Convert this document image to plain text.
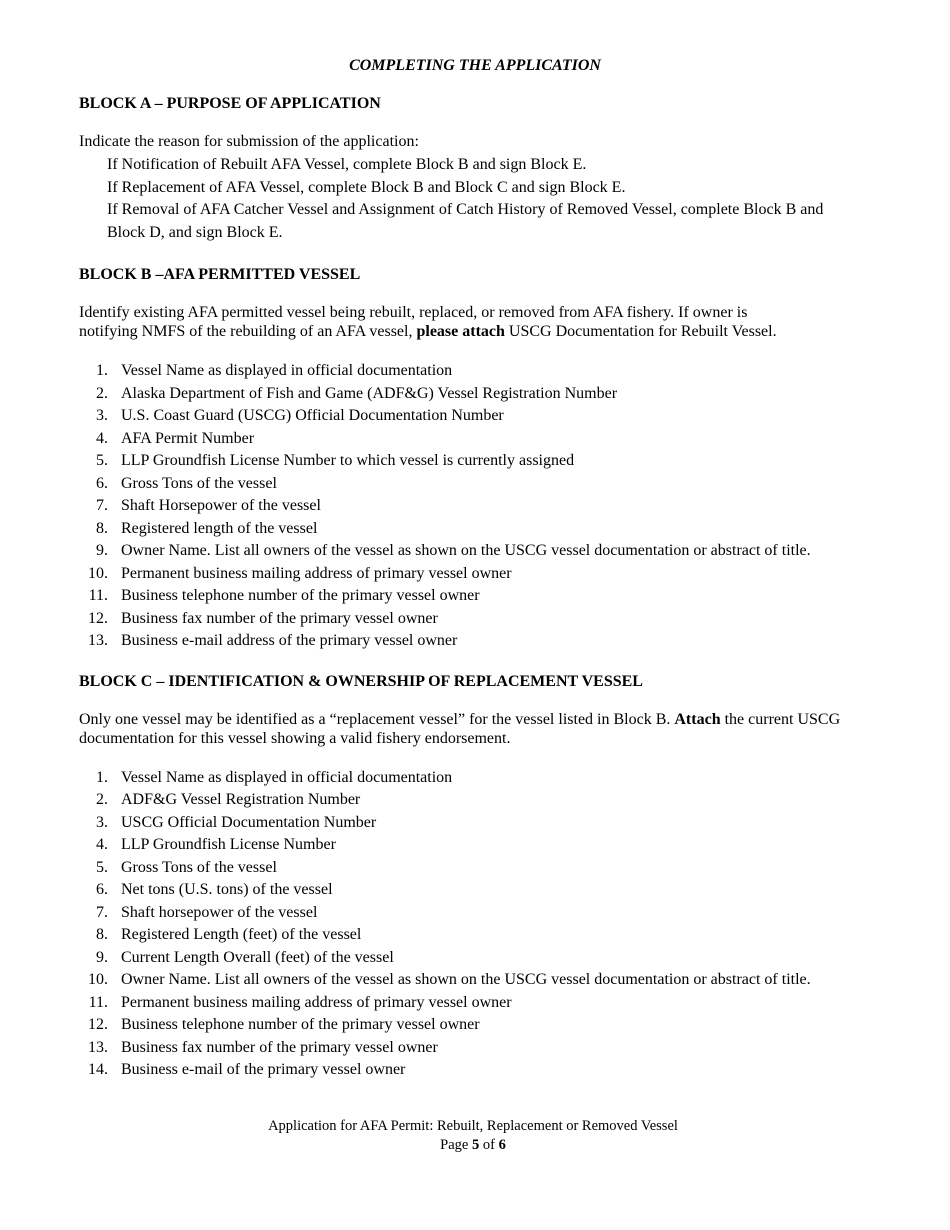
COMPLETING THE APPLICATION
BLOCK A – PURPOSE OF APPLICATION

Indicate the reason for submission of the application:

If Notification of Rebuilt AFA Vessel, complete Block B and sign Block E.

If Replacement of AFA Vessel, complete Block B and Block C and sign Block E.

If Removal of AFA Catcher Vessel and Assignment of Catch History of Removed Vessel, complete Block B and

Block D, and sign Block E.

BLOCK B –AFA PERMITTED VESSEL

Identify existing AFA permitted vessel being rebuilt, replaced, or removed from AFA fishery. If owner is notifying NMFS of the rebuilding of an AFA vessel, please attach USCG Documentation for Rebuilt Vessel.

1. Vessel Name as displayed in official documentation
2. Alaska Department of Fish and Game (ADF&G) Vessel Registration Number
3. U.S. Coast Guard (USCG) Official Documentation Number
4. AFA Permit Number
5. LLP Groundfish License Number to which vessel is currently assigned
6. Gross Tons of the vessel
7. Shaft Horsepower of the vessel
8. Registered length of the vessel
9. Owner Name. List all owners of the vessel as shown on the USCG vessel documentation or abstract of title.
10. Permanent business mailing address of primary vessel owner
11. Business telephone number of the primary vessel owner
12. Business fax number of the primary vessel owner
13. Business e-mail address of the primary vessel owner
BLOCK C – IDENTIFICATION & OWNERSHIP OF REPLACEMENT VESSEL

Only one vessel may be identified as a “replacement vessel” for the vessel listed in Block B. Attach the current USCG documentation for this vessel showing a valid fishery endorsement.

1. Vessel Name as displayed in official documentation
2. ADF&G Vessel Registration Number
3. USCG Official Documentation Number
4. LLP Groundfish License Number
5. Gross Tons of the vessel
6. Net tons (U.S. tons) of the vessel
7. Shaft horsepower of the vessel
8. Registered Length (feet) of the vessel
9. Current Length Overall (feet) of the vessel
10. Owner Name. List all owners of the vessel as shown on the USCG vessel documentation or abstract of title.
11. Permanent business mailing address of primary vessel owner
12. Business telephone number of the primary vessel owner
13. Business fax number of the primary vessel owner
14. Business e-mail of the primary vessel owner
Application for AFA Permit: Rebuilt, Replacement or Removed Vessel
Page 5 of 6
